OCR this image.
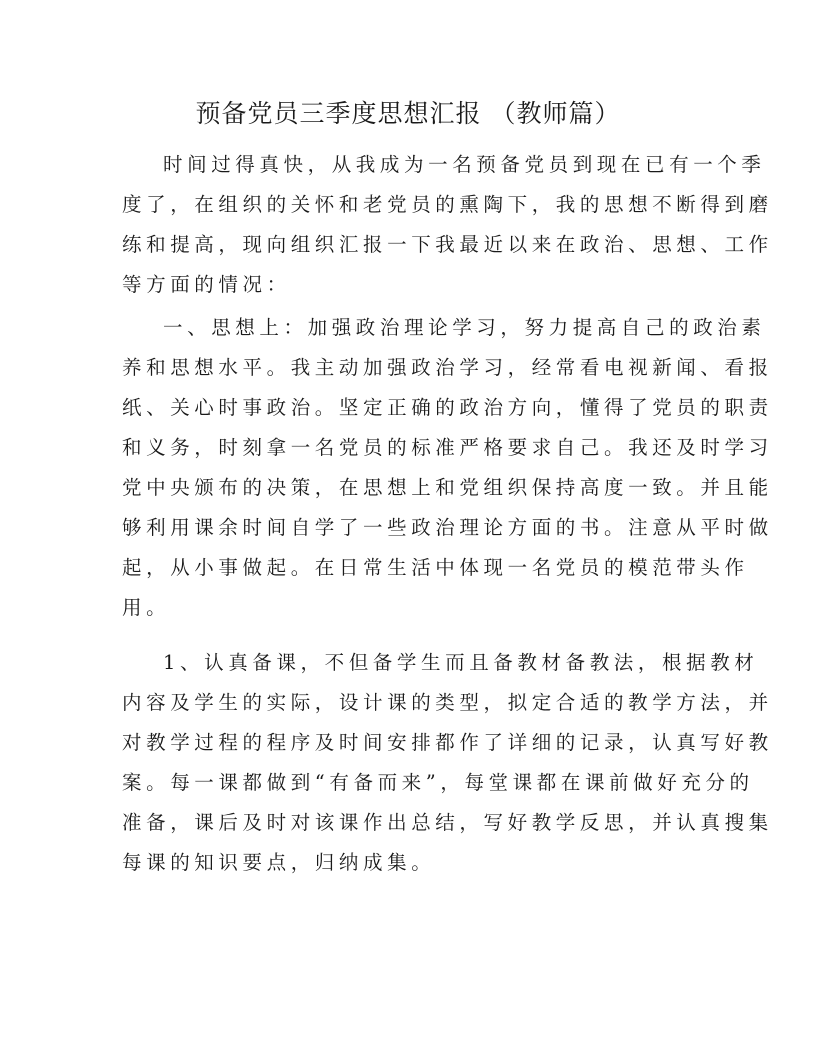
预备党员三季度思想汇报 （教师篇）
时间过得真快，从我成为一名预备党员到现在已有一个季
度了，在组织的关怀和老党员的熏陶下，我的思想不断得到磨
练和提高，现向组织汇报一下我最近以来在政治、思想、工作
等方面的情况：
一、思想上：加强政治理论学习，努力提高自己的政治素
养和思想水平。我主动加强政治学习，经常看电视新闻、看报
纸、关心时事政治。坚定正确的政治方向，懂得了党员的职责
和义务，时刻拿一名党员的标准严格要求自己。我还及时学习
党中央颁布的决策，在思想上和党组织保持高度一致。并且能
够利用课余时间自学了一些政治理论方面的书。注意从平时做
起，从小事做起。在日常生活中体现一名党员的模范带头作
用。
1、认真备课，不但备学生而且备教材备教法，根据教材
内容及学生的实际，设计课的类型，拟定合适的教学方法，并
对教学过程的程序及时间安排都作了详细的记录，认真写好教
案。每一课都做到“有备而来”，每堂课都在课前做好充分的
准备，课后及时对该课作出总结，写好教学反思，并认真搜集
每课的知识要点，归纳成集。
